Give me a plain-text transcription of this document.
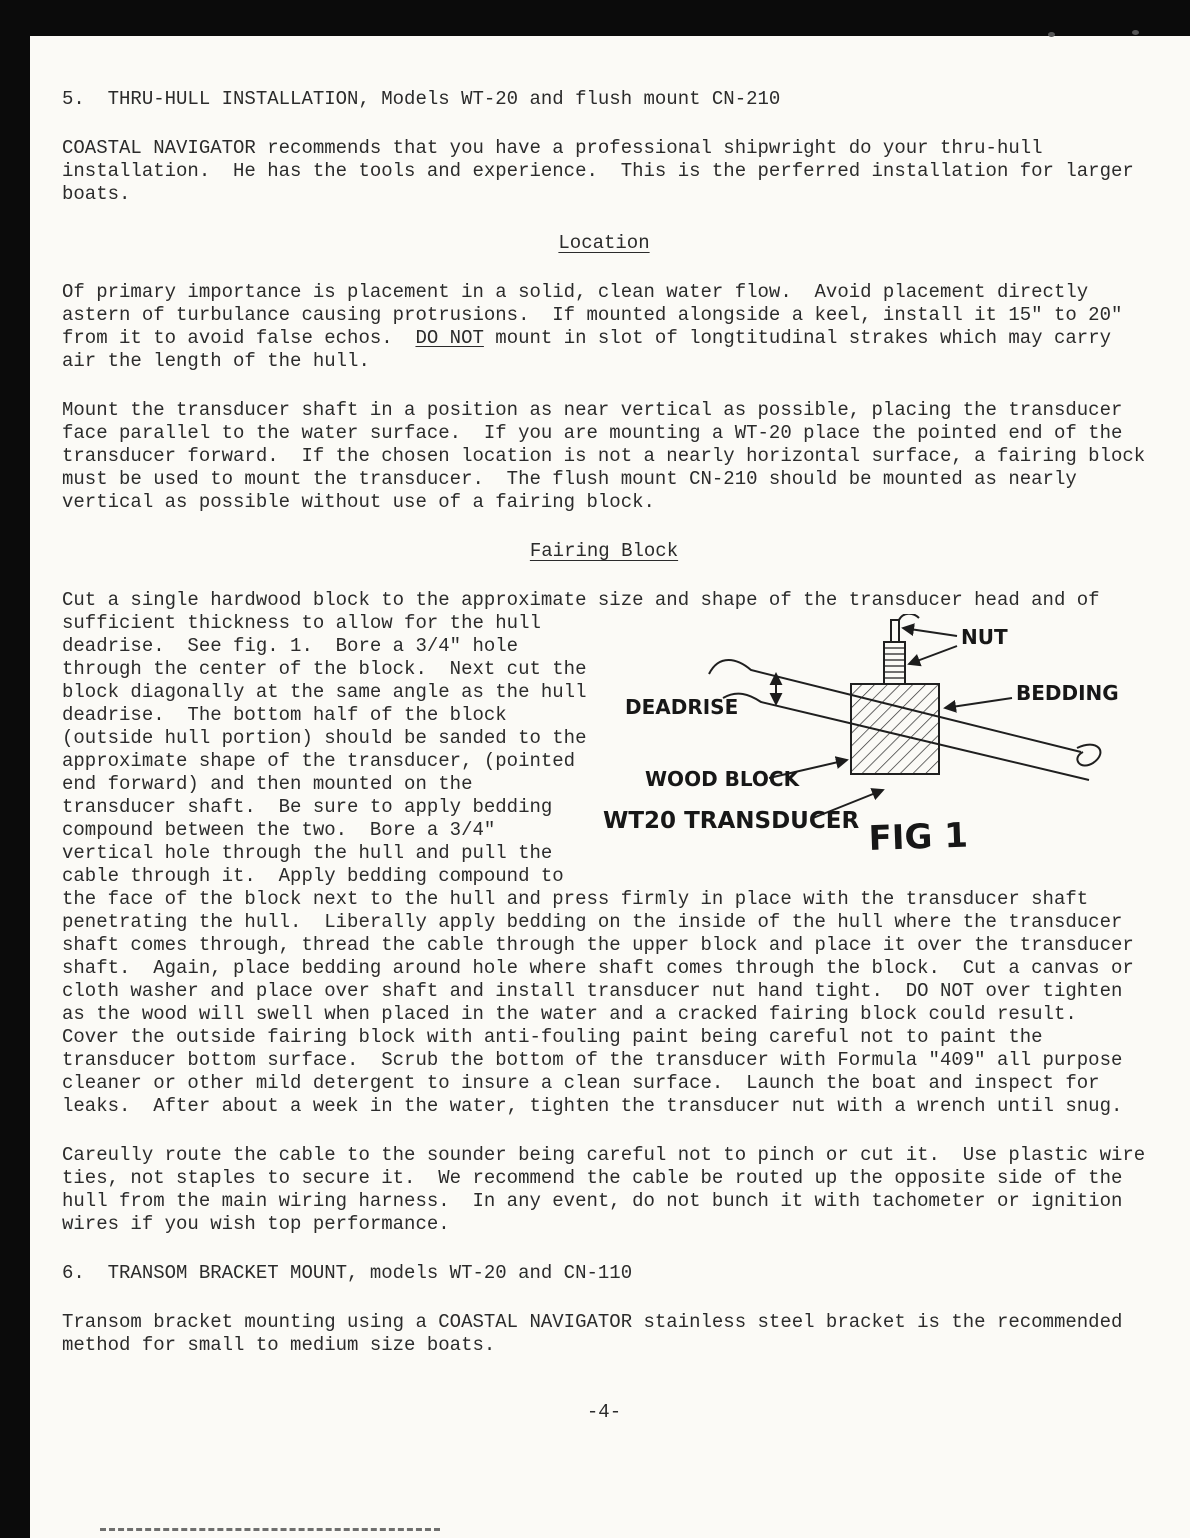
5.  THRU-HULL INSTALLATION, Models WT-20 and flush mount CN-210

COASTAL NAVIGATOR recommends that you have a professional shipwright do your thru-hull installation.  He has the tools and experience.  This is the perferred installation for larger boats.

Location

Of primary importance is placement in a solid, clean water flow.  Avoid placement directly astern of turbulance causing protrusions.  If mounted alongside a keel, install it 15" to 20" from it to avoid false echos.  DO NOT mount in slot of longtitudinal strakes which may carry air the length of the hull.

Mount the transducer shaft in a position as near vertical as possible, placing the transducer face parallel to the water surface.  If you are mounting a WT-20 place the pointed end of the transducer forward.  If the chosen location is not a nearly horizontal surface, a fairing block must be used to mount the transducer.  The flush mount CN-210 should be mounted as nearly vertical as possible without use of a fairing block.

Fairing Block

Cut a single hardwood block to the approximate size and shape of the transducer head and of sufficient thickness to allow for the hull
NUT
BEDDING
DEADRISE
WOOD BLOCK
WT20 TRANSDUCER FIG 1
deadrise.  See fig. 1.  Bore a 3/4" hole through the center of the block.  Next cut the block diagonally at the same angle as the hull deadrise.  The bottom half of the block (outside hull portion) should be sanded to the approximate shape of the transducer, (pointed end forward) and then mounted on the  transducer shaft.  Be sure to apply bedding compound between the two.  Bore a 3/4" vertical hole through the hull and pull the cable through it.  Apply bedding compound to the face of the block next to the hull and press firmly in place with the transducer shaft penetrating the hull.  Liberally apply bedding on the inside of the hull where the transducer shaft comes through, thread the cable through the upper block and place it over the transducer shaft.  Again, place bedding around hole where shaft comes through the block.  Cut a canvas or cloth washer and place over shaft and install transducer nut hand tight.  DO NOT over tighten as the wood will swell when placed in the water and a cracked fairing block could result.  Cover the outside fairing block with anti-fouling paint being careful not to paint the transducer bottom surface.  Scrub the bottom of the transducer with Formula "409" all purpose cleaner or other mild detergent to insure a clean surface.  Launch the boat and inspect for leaks.  After about a week in the water, tighten the transducer nut with a wrench until snug.

Careully route the cable to the sounder being careful not to pinch or cut it.  Use plastic wire ties, not staples to secure it.  We recommend the cable be routed up the opposite side of the hull from the main wiring harness.  In any event, do not bunch it with tachometer or ignition wires if you wish top performance.

6.  TRANSOM BRACKET MOUNT, models WT-20 and CN-110

Transom bracket mounting using a COASTAL NAVIGATOR stainless steel bracket is the recommended method for small to medium size boats.

-4-
